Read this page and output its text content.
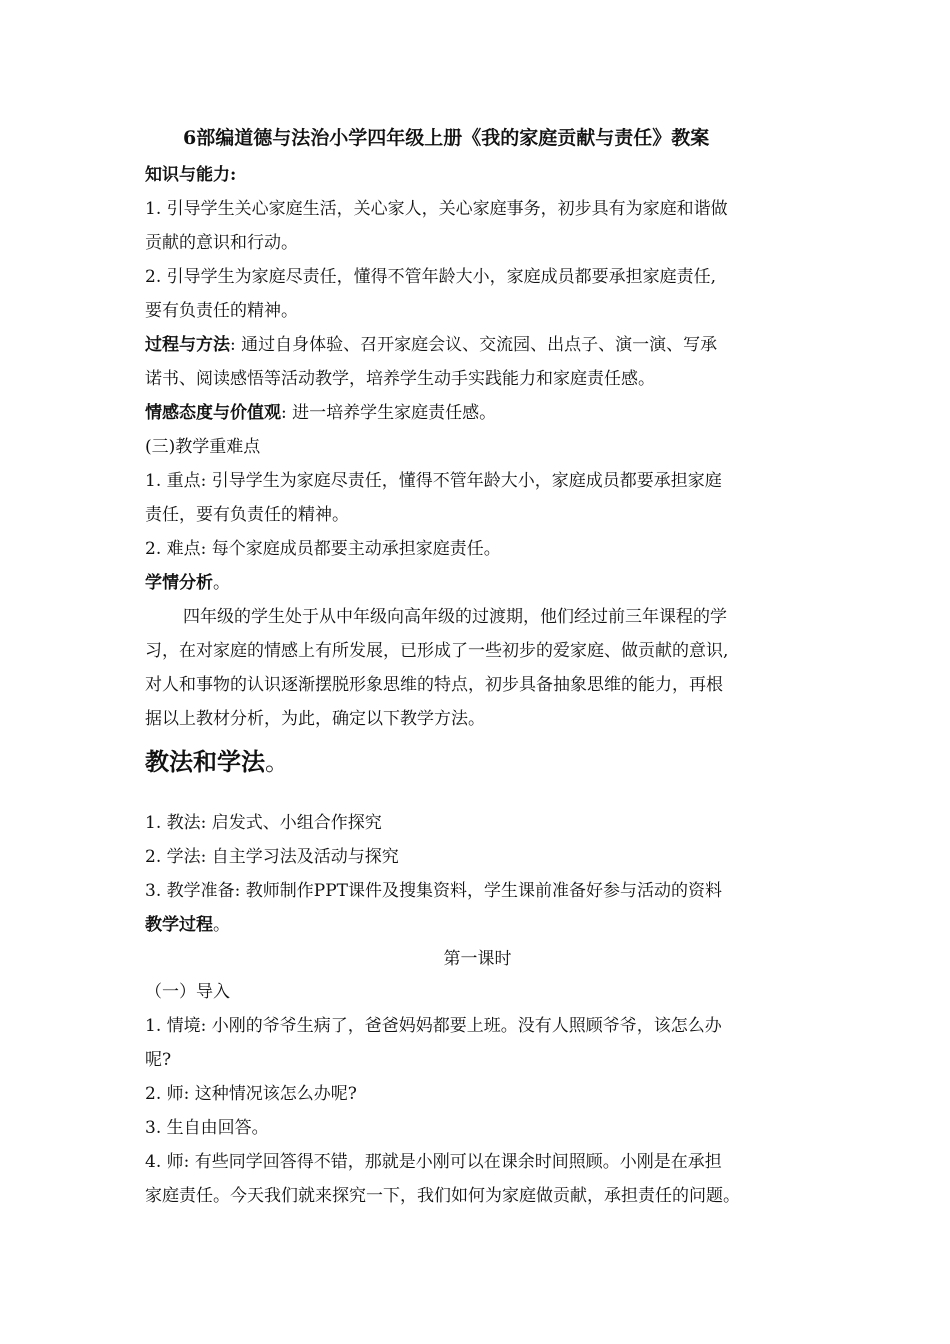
6部编道德与法治小学四年级上册《我的家庭贡献与责任》教案
知识与能力:
1. 引导学生关心家庭生活，关心家人，关心家庭事务，初步具有为家庭和谐做
贡献的意识和行动。
2. 引导学生为家庭尽责任，懂得不管年龄大小，家庭成员都要承担家庭责任,
要有负责任的精神。
过程与方法: 通过自身体验、召开家庭会议、交流园、出点子、演一演、写承
诺书、阅读感悟等活动教学，培养学生动手实践能力和家庭责任感。
情感态度与价值观: 进一培养学生家庭责任感。
(三)教学重难点
1. 重点: 引导学生为家庭尽责任，懂得不管年龄大小，家庭成员都要承担家庭
责任，要有负责任的精神。
2. 难点: 每个家庭成员都要主动承担家庭责任。
学情分析。
四年级的学生处于从中年级向高年级的过渡期，他们经过前三年课程的学
习，在对家庭的情感上有所发展，已形成了一些初步的爱家庭、做贡献的意识,
对人和事物的认识逐渐摆脱形象思维的特点，初步具备抽象思维的能力，再根
据以上教材分析，为此，确定以下教学方法。
教法和学法。
1. 教法: 启发式、小组合作探究
2. 学法: 自主学习法及活动与探究
3. 教学准备: 教师制作PPT课件及搜集资料，学生课前准备好参与活动的资料
教学过程。
第一课时
（一）导入
1. 情境: 小刚的爷爷生病了，爸爸妈妈都要上班。没有人照顾爷爷，该怎么办
呢?
2. 师: 这种情况该怎么办呢?
3. 生自由回答。
4. 师: 有些同学回答得不错，那就是小刚可以在课余时间照顾。小刚是在承担
家庭责任。今天我们就来探究一下，我们如何为家庭做贡献，承担责任的问题。
